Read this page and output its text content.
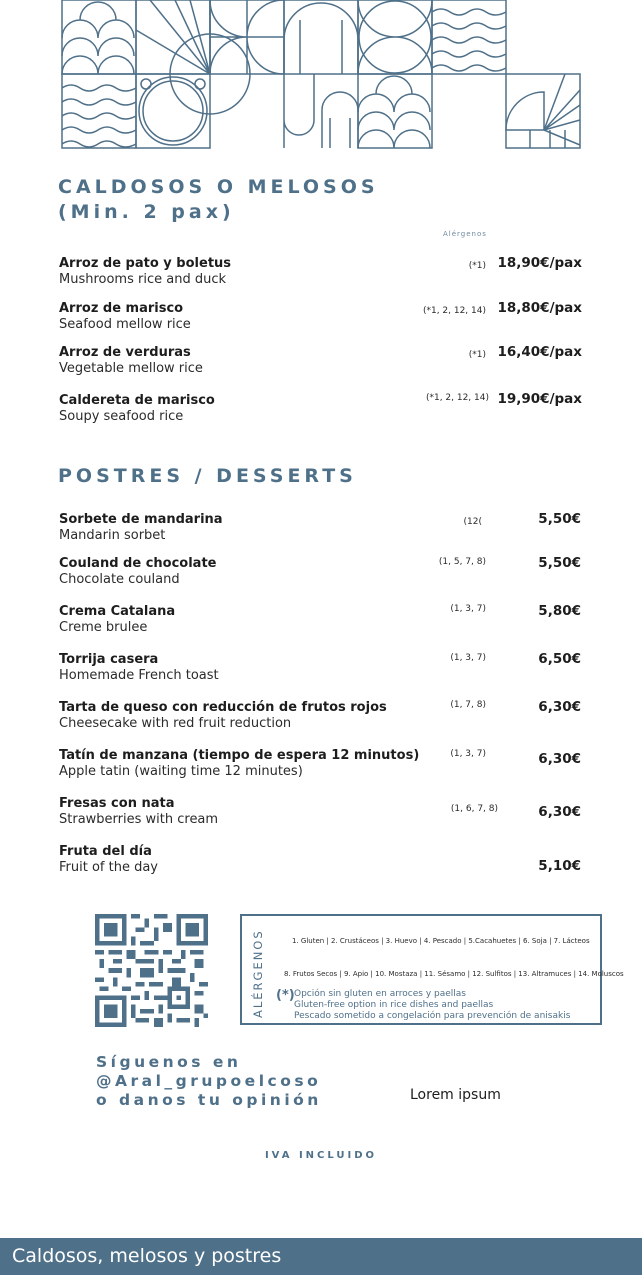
CALDOSOS O MELOSOS
(Min. 2 pax)
Alérgenos
Arroz de pato y boletus
Mushrooms rice and duck
(*1) 18,90€/pax
Arroz de marisco
Seafood mellow rice
(*1, 2, 12, 14) 18,80€/pax
Arroz de verduras
Vegetable mellow rice
(*1) 16,40€/pax
Caldereta de marisco
Soupy seafood rice
(*1, 2, 12, 14) 19,90€/pax
POSTRES / DESSERTS
Sorbete de mandarina
Mandarin sorbet
(12(	5,50€
Couland de chocolate
Chocolate couland
(1, 5, 7, 8)	5,50€
Crema Catalana
Creme brulee
(1, 3, 7)	5,80€
Torrija casera
Homemade French toast
(1, 3, 7)	6,50€
Tarta de queso con reducción de frutos rojos
Cheesecake with red fruit reduction
(1, 7, 8)	6,30€
Tatín de manzana (tiempo de espera 12 minutos)
Apple tatin (waiting time 12 minutes)
(1, 3, 7)	6,30€
Fresas con nata
Strawberries with cream
(1, 6, 7, 8)	6,30€
Fruta del día
Fruit of the day	5,10€
ALÉRGENOS	1. Gluten | 2. Crustáceos | 3. Huevo | 4. Pescado | 5.Cacahuetes | 6. Soja | 7. Lácteos
8. Frutos Secos | 9. Apio | 10. Mostaza | 11. Sésamo | 12. Sulfitos | 13. Altramuces | 14. Moluscos
(*) Opción sin gluten en arroces y paellas
Gluten-free option in rice dishes and paellas
Pescado sometido a congelación para prevención de anisakis
Síguenos en
@Aral_grupoelcoso
o danos tu opinión	Lorem ipsum
IVA INCLUIDO
Caldosos, melosos y postres
